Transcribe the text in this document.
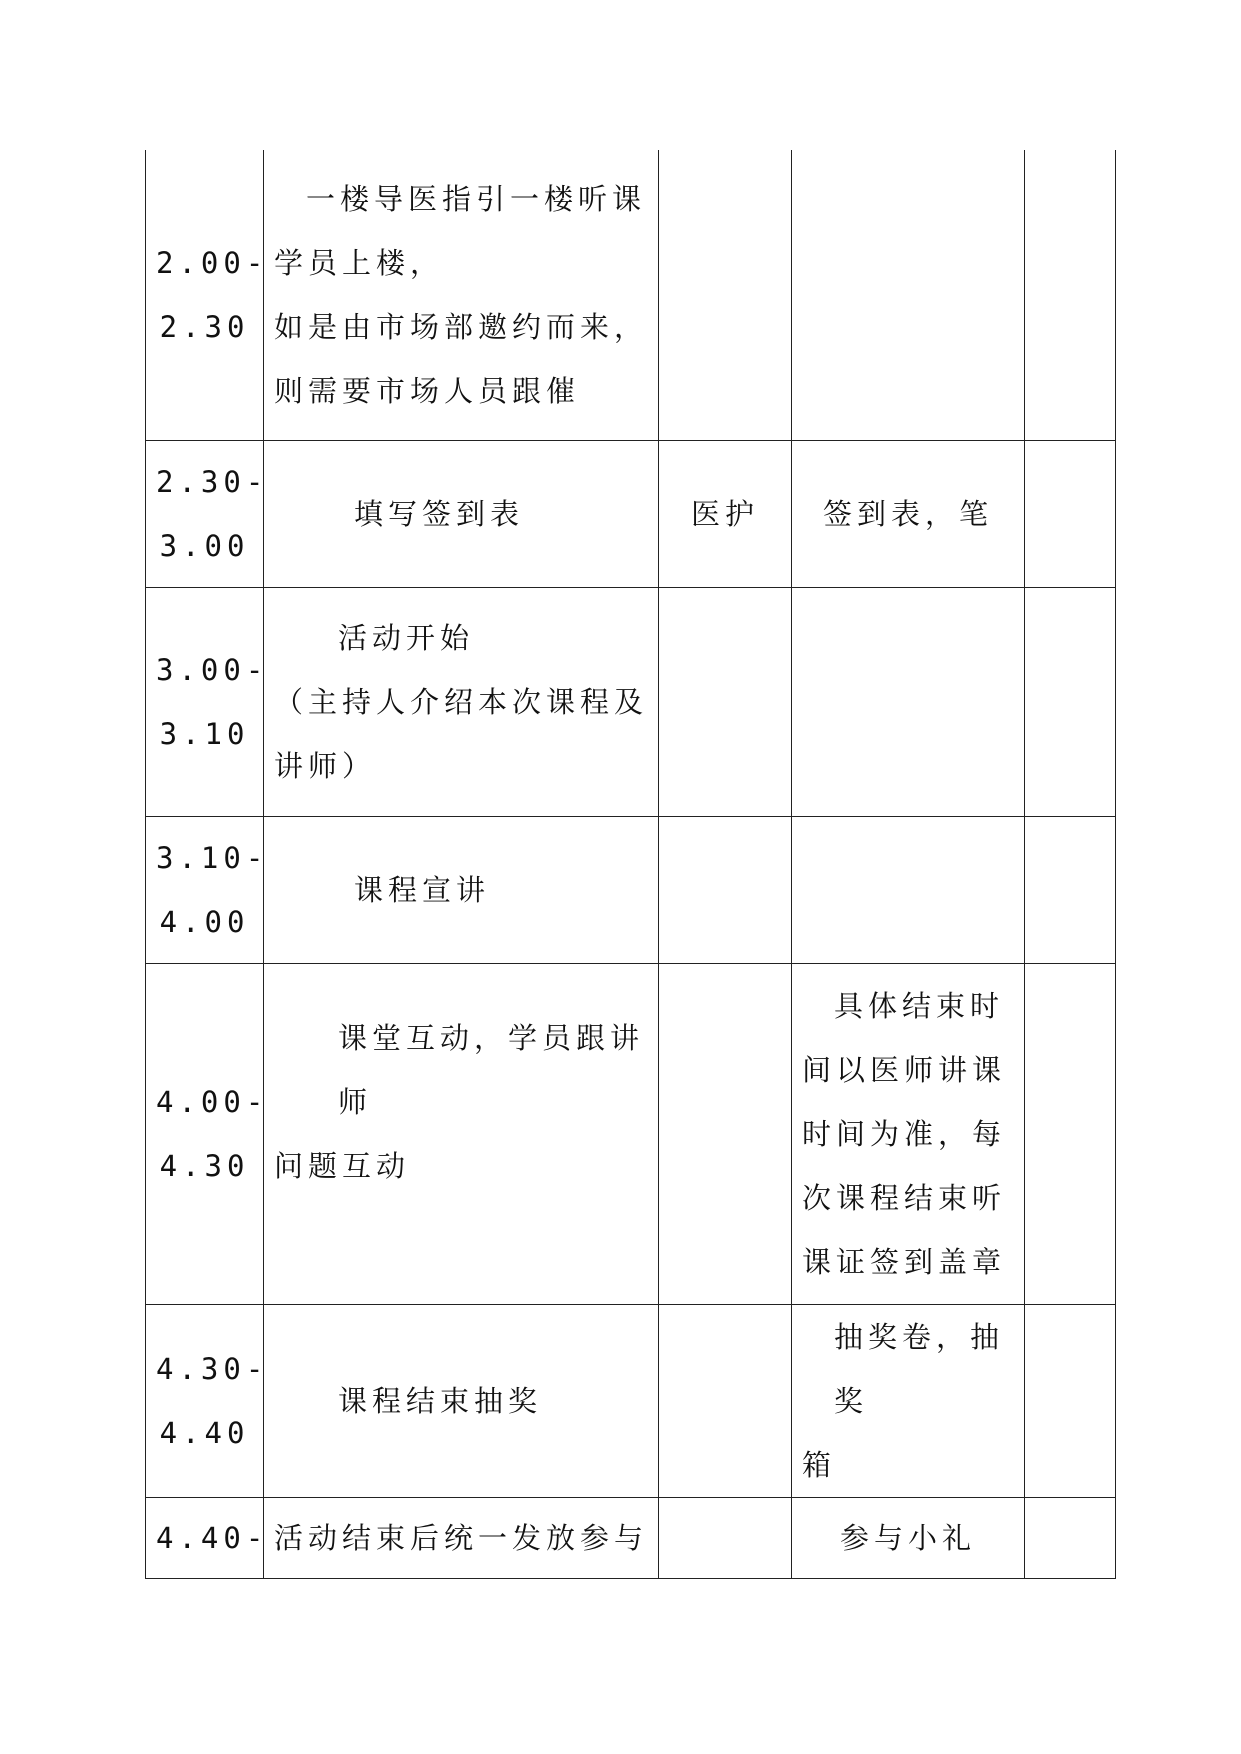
2.00-
2.30	一楼导医指引一楼听课
学员上楼，
如是由市场部邀约而来，
则需要市场人员跟催			

2.30-
3.00	填写签到表	医护	签到表，笔	

3.00-
3.10	活动开始
（主持人介绍本次课程及
讲师）			

3.10-
4.00	课程宣讲			

4.00-
4.30	课堂互动，学员跟讲师
问题互动		具体结束时
间以医师讲课
时间为准，每
次课程结束听
课证签到盖章	

4.30-
4.40	课程结束抽奖		抽奖卷，抽奖
箱	

4.40-	活动结束后统一发放参与		参与小礼	
